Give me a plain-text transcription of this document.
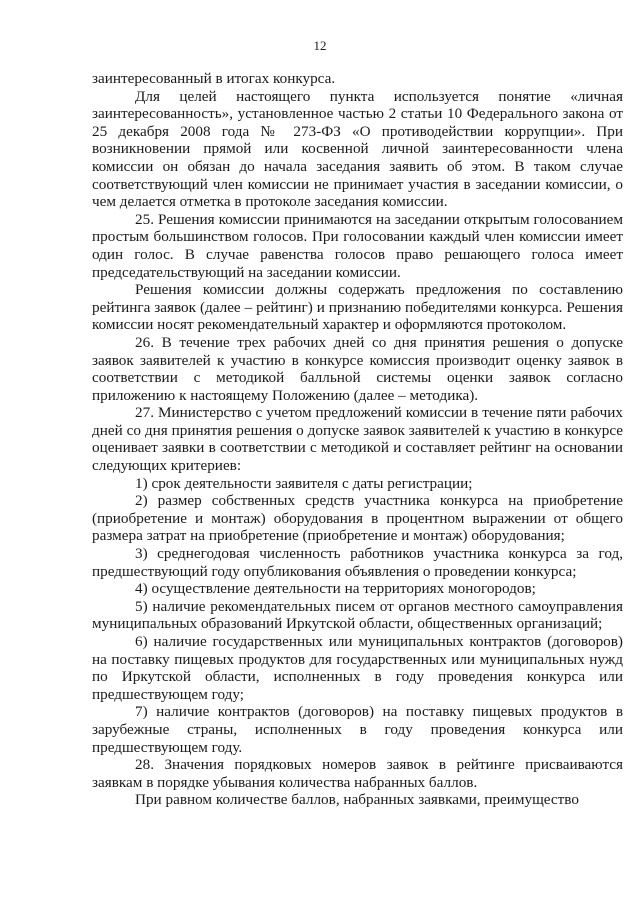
12

заинтересованный в итогах конкурса.

Для целей настоящего пункта используется понятие «личная заинтересованность», установленное частью 2 статьи 10 Федерального закона от 25 декабря 2008 года № 273-ФЗ «О противодействии коррупции». При возникновении прямой или косвенной личной заинтересованности члена комиссии он обязан до начала заседания заявить об этом. В таком случае соответствующий член комиссии не принимает участия в заседании комиссии, о чем делается отметка в протоколе заседания комиссии.

25. Решения комиссии принимаются на заседании открытым голосованием простым большинством голосов. При голосовании каждый член комиссии имеет один голос. В случае равенства голосов право решающего голоса имеет председательствующий на заседании комиссии.

Решения комиссии должны содержать предложения по составлению рейтинга заявок (далее – рейтинг) и признанию победителями конкурса. Решения комиссии носят рекомендательный характер и оформляются протоколом.

26. В течение трех рабочих дней со дня принятия решения о допуске заявок заявителей к участию в конкурсе комиссия производит оценку заявок в соответствии с методикой балльной системы оценки заявок согласно приложению к настоящему Положению (далее – методика).

27. Министерство с учетом предложений комиссии в течение пяти рабочих дней со дня принятия решения о допуске заявок заявителей к участию в конкурсе оценивает заявки в соответствии с методикой и составляет рейтинг на основании следующих критериев:

1) срок деятельности заявителя с даты регистрации;

2) размер собственных средств участника конкурса на приобретение (приобретение и монтаж) оборудования в процентном выражении от общего размера затрат на приобретение (приобретение и монтаж) оборудования;

3) среднегодовая численность работников участника конкурса за год, предшествующий году опубликования объявления о проведении конкурса;

4) осуществление деятельности на территориях моногородов;

5) наличие рекомендательных писем от органов местного самоуправления муниципальных образований Иркутской области, общественных организаций;

6) наличие государственных или муниципальных контрактов (договоров) на поставку пищевых продуктов для государственных или муниципальных нужд по Иркутской области, исполненных в году проведения конкурса или предшествующем году;

7) наличие контрактов (договоров) на поставку пищевых продуктов в зарубежные страны, исполненных в году проведения конкурса или предшествующем году.

28. Значения порядковых номеров заявок в рейтинге присваиваются заявкам в порядке убывания количества набранных баллов.

При равном количестве баллов, набранных заявками, преимущество
